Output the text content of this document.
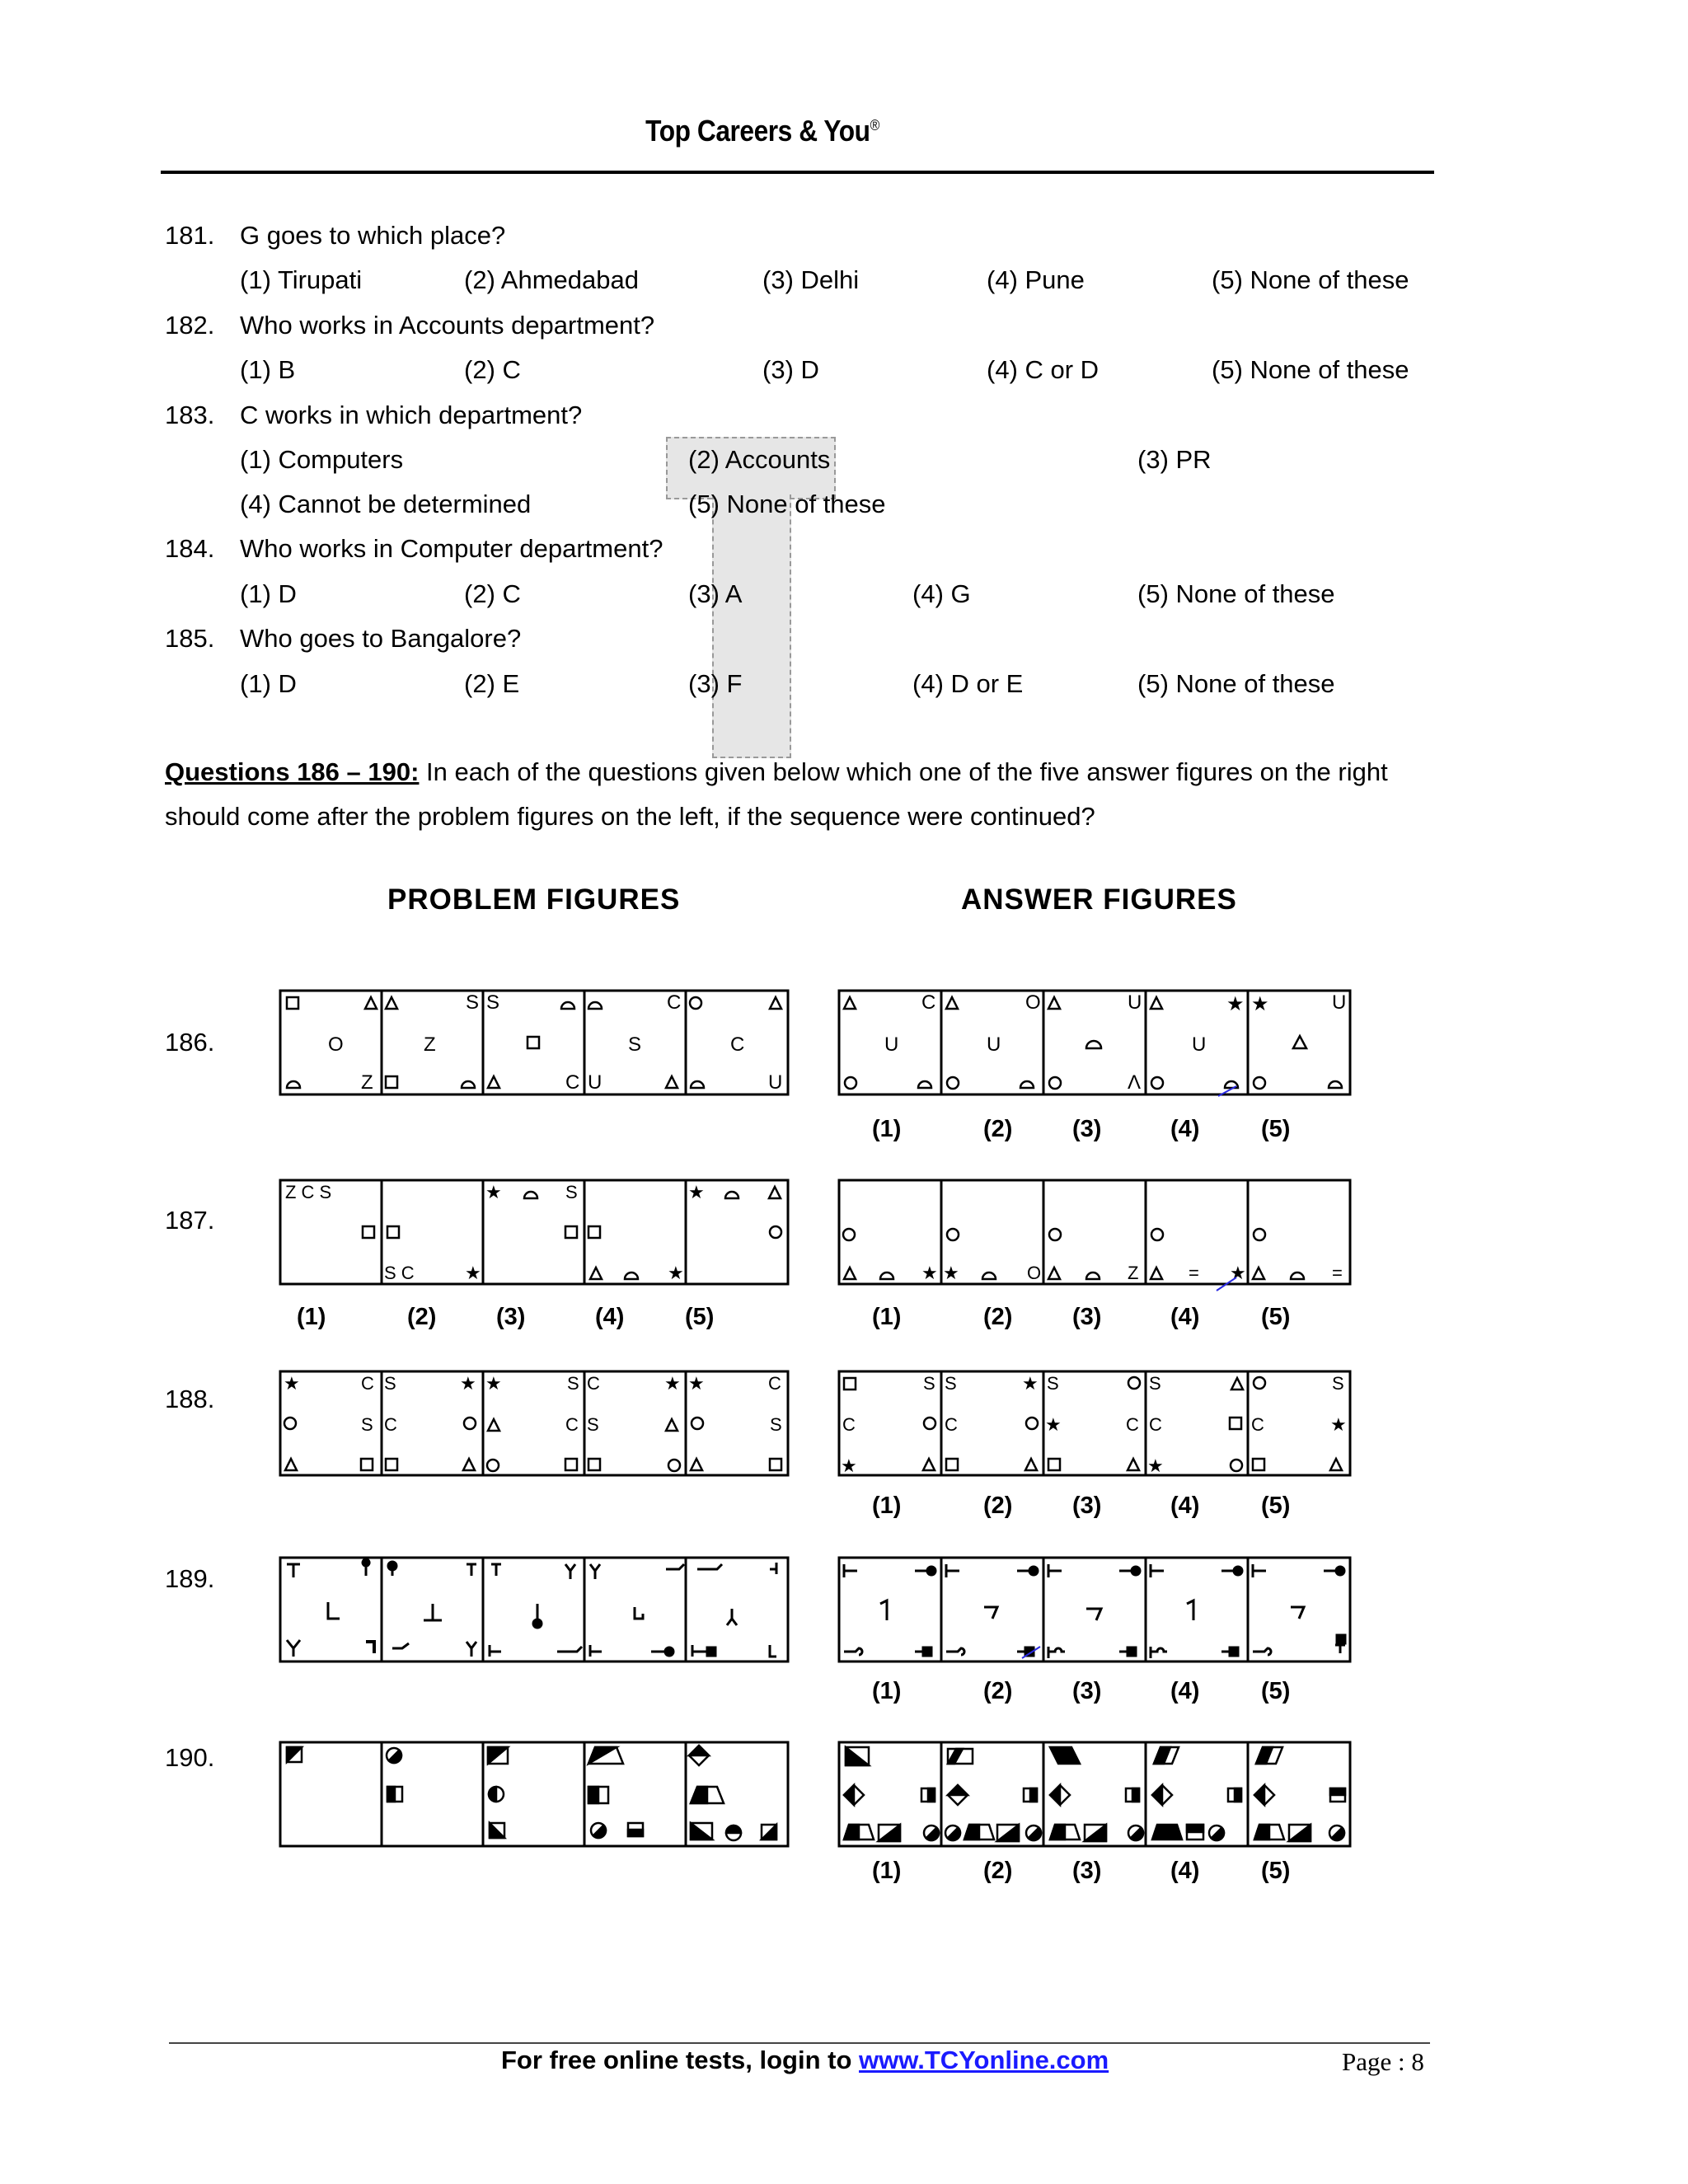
Top Careers & You®
181. G goes to which place?
(1) Tirupati	(2) Ahmedabad	(3) Delhi	(4) Pune	(5) None of these
182. Who works in Accounts department?
(1) B	(2) C	(3) D	(4) C or D	(5) None of these
183. C works in which department?
(1) Computers	(2) Accounts	(3) PR
(4) Cannot be determined	(5) None of these
184. Who works in Computer department?
(1) D	(2) C	(3) A	(4) G	(5) None of these
185. Who goes to Bangalore?
(1) D	(2) E	(3) F	(4) D or E	(5) None of these
Questions 186 – 190: In each of the questions given below which one of the five answer figures on the right should come after the problem figures on the left, if the sequence were continued?
PROBLEM FIGURES	ANSWER FIGURES
186.
187.
188.
189.
190.
O
Z
S
Z
S
C
C
S
U
C
U
C
U
O
U
U
Λ
★
U
★	U
Z C S
S C	★
★	S
★
★
★ ★	O	Z	= ★	=
★	C
S
S	★
C
★	S
C
C	★
S
★	C
S
S
C
★
S	★
C
S
★	C
S
C
★
S
C	★
(1)	(2)	(3)	(4)	(5)
(1)	(2)	(3)	(4)	(5)	(1)	(2)	(3)	(4)	(5)
(1)	(2)	(3)	(4)	(5)
(1)	(2)	(3)	(4)	(5)
(1)	(2)	(3)	(4)	(5)
For free online tests, login to www.TCYonline.com	Page : 8
